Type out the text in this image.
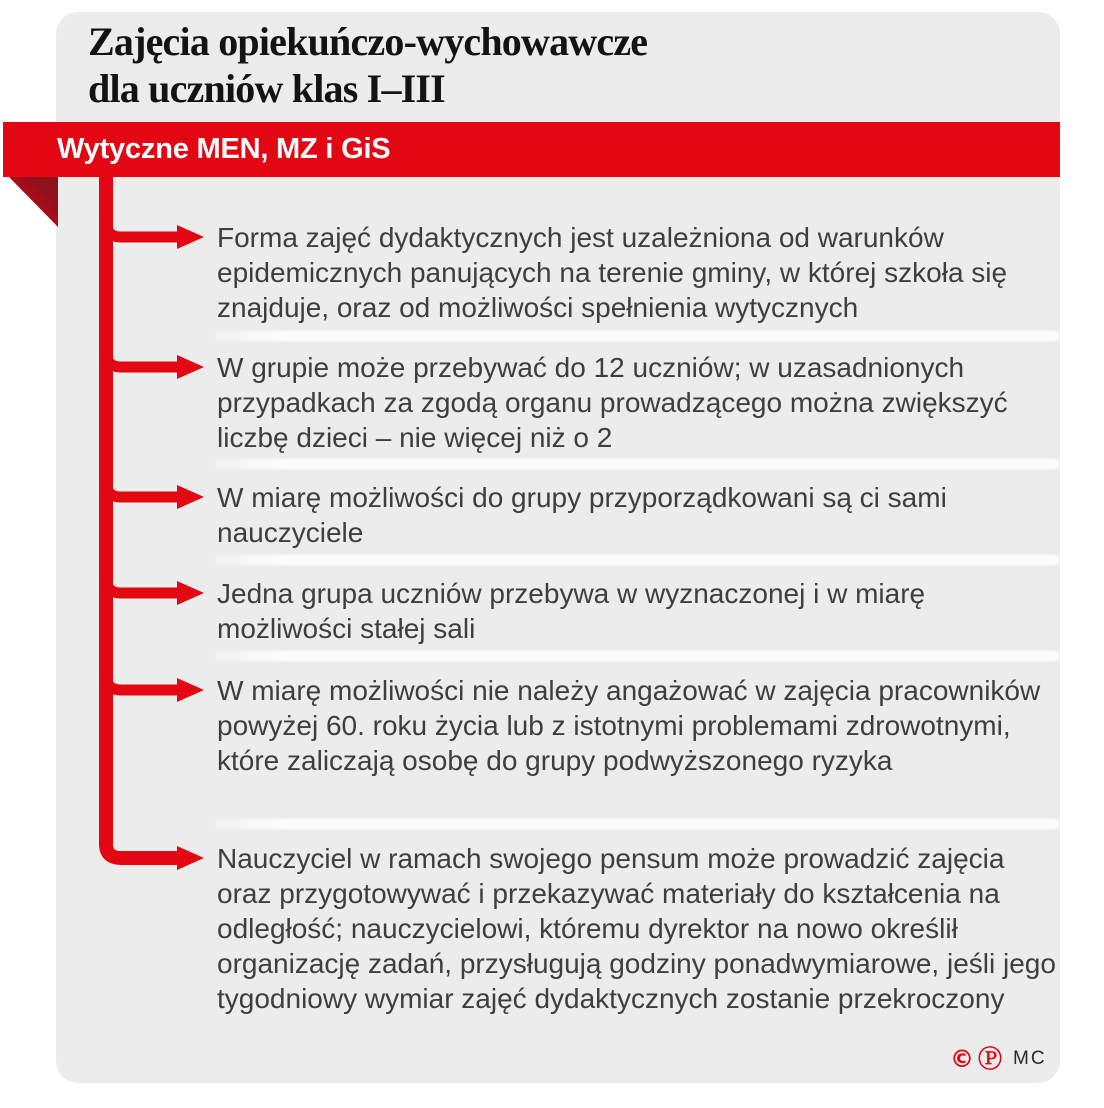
Zajęcia opiekuńczo-wychowawcze
dla uczniów klas I–III
Wytyczne MEN, MZ i GiS
Forma zajęć dydaktycznych jest uzależniona od warunków epidemicznych panujących na terenie gminy, w której szkoła się znajduje, oraz od możliwości spełnienia wytycznych
W grupie może przebywać do 12 uczniów; w uzasadnionych przypadkach za zgodą organu prowadzącego można zwiększyć liczbę dzieci – nie więcej niż o 2
W miarę możliwości do grupy przyporządkowani są ci sami nauczyciele
Jedna grupa uczniów przebywa w wyznaczonej i w miarę możliwości stałej sali
W miarę możliwości nie należy angażować w zajęcia pracowników powyżej 60. roku życia lub z istotnymi problemami zdrowotnymi, które zaliczają osobę do grupy podwyższonego ryzyka
Nauczyciel w ramach swojego pensum może prowadzić zajęcia oraz przygotowywać i przekazywać materiały do kształcenia na odległość; nauczycielowi, któremu dyrektor na nowo określił organizację zadań, przysługują godziny ponadwymiarowe, jeśli jego tygodniowy wymiar zajęć dydaktycznych zostanie przekroczony
© Ⓟ MC
